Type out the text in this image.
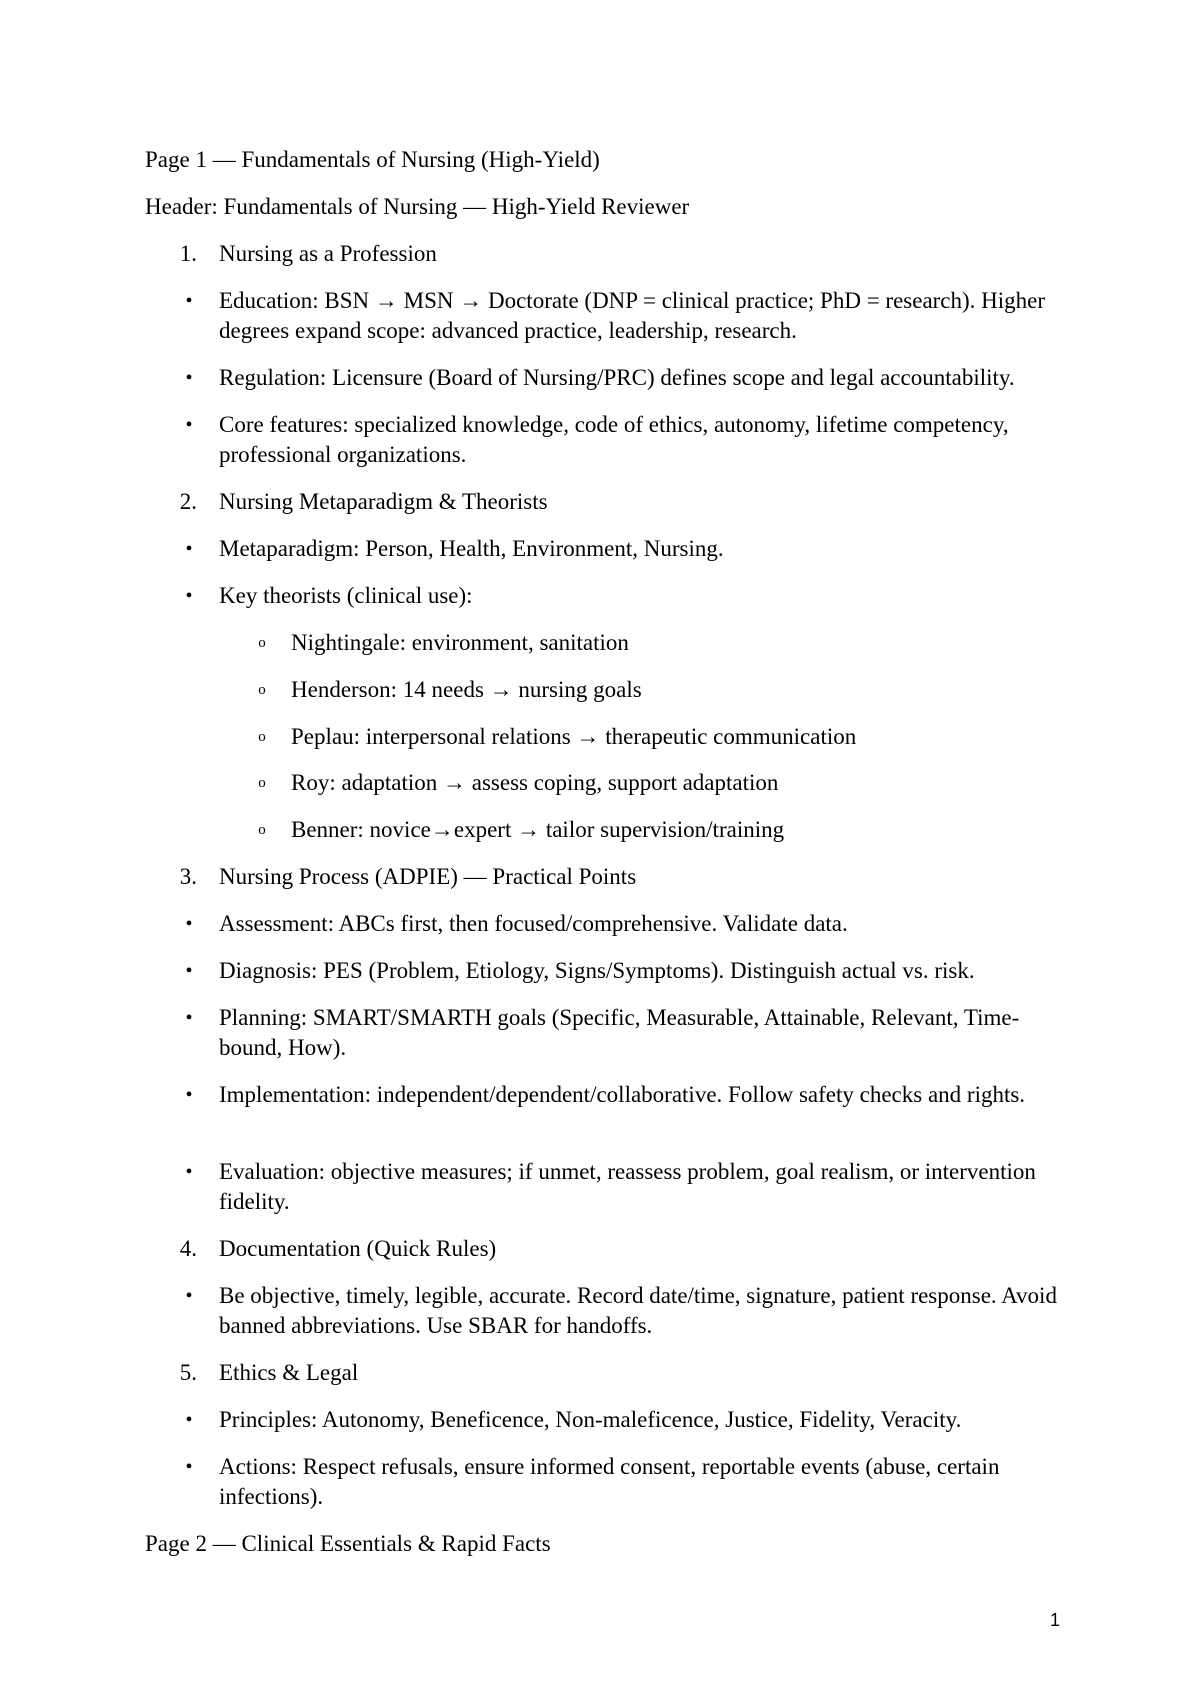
Page 1 — Fundamentals of Nursing (High-Yield)
Header: Fundamentals of Nursing — High-Yield Reviewer
1. Nursing as a Profession
• Education: BSN → MSN → Doctorate (DNP = clinical practice; PhD = research). Higher degrees expand scope: advanced practice, leadership, research.
• Regulation: Licensure (Board of Nursing/PRC) defines scope and legal accountability.
• Core features: specialized knowledge, code of ethics, autonomy, lifetime competency, professional organizations.
2. Nursing Metaparadigm & Theorists
• Metaparadigm: Person, Health, Environment, Nursing.
• Key theorists (clinical use):
o Nightingale: environment, sanitation
o Henderson: 14 needs → nursing goals
o Peplau: interpersonal relations → therapeutic communication
o Roy: adaptation → assess coping, support adaptation
o Benner: novice→expert → tailor supervision/training
3. Nursing Process (ADPIE) — Practical Points
• Assessment: ABCs first, then focused/comprehensive. Validate data.
• Diagnosis: PES (Problem, Etiology, Signs/Symptoms). Distinguish actual vs. risk.
• Planning: SMART/SMARTH goals (Specific, Measurable, Attainable, Relevant, Time-bound, How).
• Implementation: independent/dependent/collaborative. Follow safety checks and rights.
• Evaluation: objective measures; if unmet, reassess problem, goal realism, or intervention fidelity.
4. Documentation (Quick Rules)
• Be objective, timely, legible, accurate. Record date/time, signature, patient response. Avoid banned abbreviations. Use SBAR for handoffs.
5. Ethics & Legal
• Principles: Autonomy, Beneficence, Non-maleficence, Justice, Fidelity, Veracity.
• Actions: Respect refusals, ensure informed consent, reportable events (abuse, certain infections).
Page 2 — Clinical Essentials & Rapid Facts
1
